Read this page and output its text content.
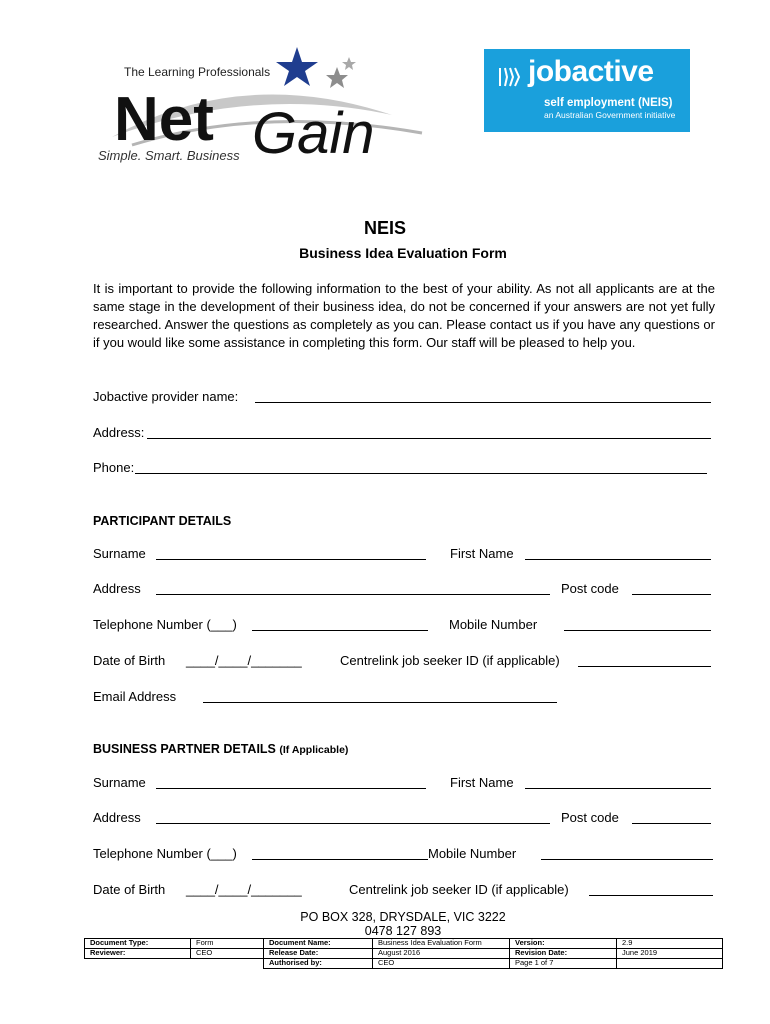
The Learning Professionals
Net Gain
Simple. Smart. Business
jobactive
self employment (NEIS)
an Australian Government initiative
NEIS
Business Idea Evaluation Form
It is important to provide the following information to the best of your ability. As not all applicants are at the same stage in the development of their business idea, do not be concerned if your answers are not yet fully researched. Answer the questions as completely as you can. Please contact us if you have any questions or if you would like some assistance in completing this form. Our staff will be pleased to help you.
Jobactive provider name:
Address:
Phone:
PARTICIPANT DETAILS
Surname	First Name
Address	Post code
Telephone Number (___)	Mobile Number
Date of Birth ____/____/_______	Centrelink job seeker ID (if applicable)
Email Address
BUSINESS PARTNER DETAILS (If Applicable)
Surname	First Name
Address	Post code
Telephone Number (___)	Mobile Number
Date of Birth ____/____/_______	Centrelink job seeker ID (if applicable)
PO BOX 328, DRYSDALE, VIC 3222
0478 127 893
Document Type:	Form	Document Name:	Business Idea Evaluation Form	Version:	2.9
Reviewer:	CEO	Release Date:	August 2016	Revision Date:	June 2019
		Authorised by:	CEO	Page 1 of 7	
